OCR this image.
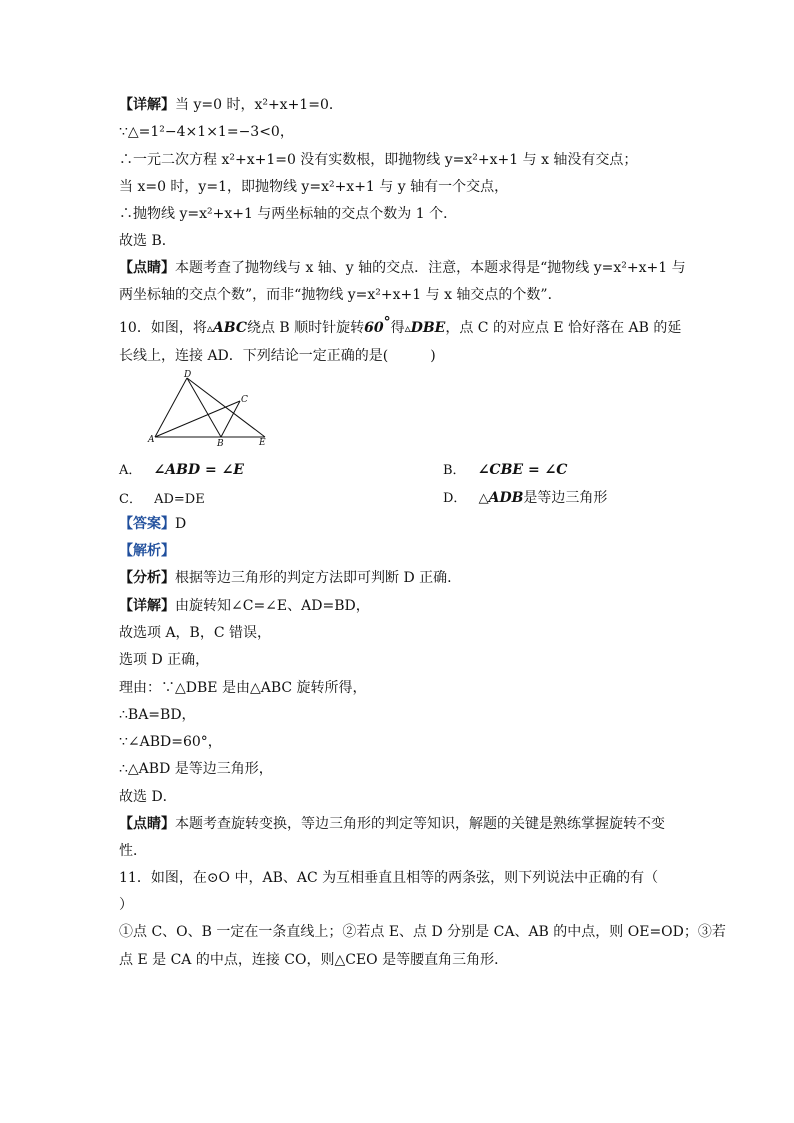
【详解】当 y=0 时，x²+x+1=0．
∵△=1²−4×1×1=−3<0，
∴一元二次方程 x²+x+1=0 没有实数根，即抛物线 y=x²+x+1 与 x 轴没有交点；
当 x=0 时，y=1，即抛物线 y=x²+x+1 与 y 轴有一个交点，
∴抛物线 y=x²+x+1 与两坐标轴的交点个数为 1 个．
故选 B．
【点睛】本题考查了抛物线与 x 轴、y 轴的交点．注意，本题求得是“抛物线 y=x²+x+1 与
两坐标轴的交点个数”，而非“抛物线 y=x²+x+1 与 x 轴交点的个数”．
10．如图，将▵ABC绕点 B 顺时针旋转60°得▵DBE，点 C 的对应点 E 恰好落在 AB 的延
长线上，连接 AD．下列结论一定正确的是(　　　)
D
A	B
C
E
A． ∠ABD = ∠E	B． ∠CBE = ∠C
C． AD=DE	D． △ADB是等边三角形
【答案】D
【解析】
【分析】根据等边三角形的判定方法即可判断 D 正确.
【详解】由旋转知∠C=∠E、AD=BD，
故选项 A，B，C 错误，
选项 D 正确，
理由：∵△DBE 是由△ABC 旋转所得，
∴BA=BD，
∵∠ABD=60°，
∴△ABD 是等边三角形，
故选 D．
【点睛】本题考查旋转变换，等边三角形的判定等知识，解题的关键是熟练掌握旋转不变
性．
11．如图，在⊙O 中，AB、AC 为互相垂直且相等的两条弦，则下列说法中正确的有（
）
①点 C、O、B 一定在一条直线上；②若点 E、点 D 分别是 CA、AB 的中点，则 OE=OD；③若
点 E 是 CA 的中点，连接 CO，则△CEO 是等腰直角三角形．
